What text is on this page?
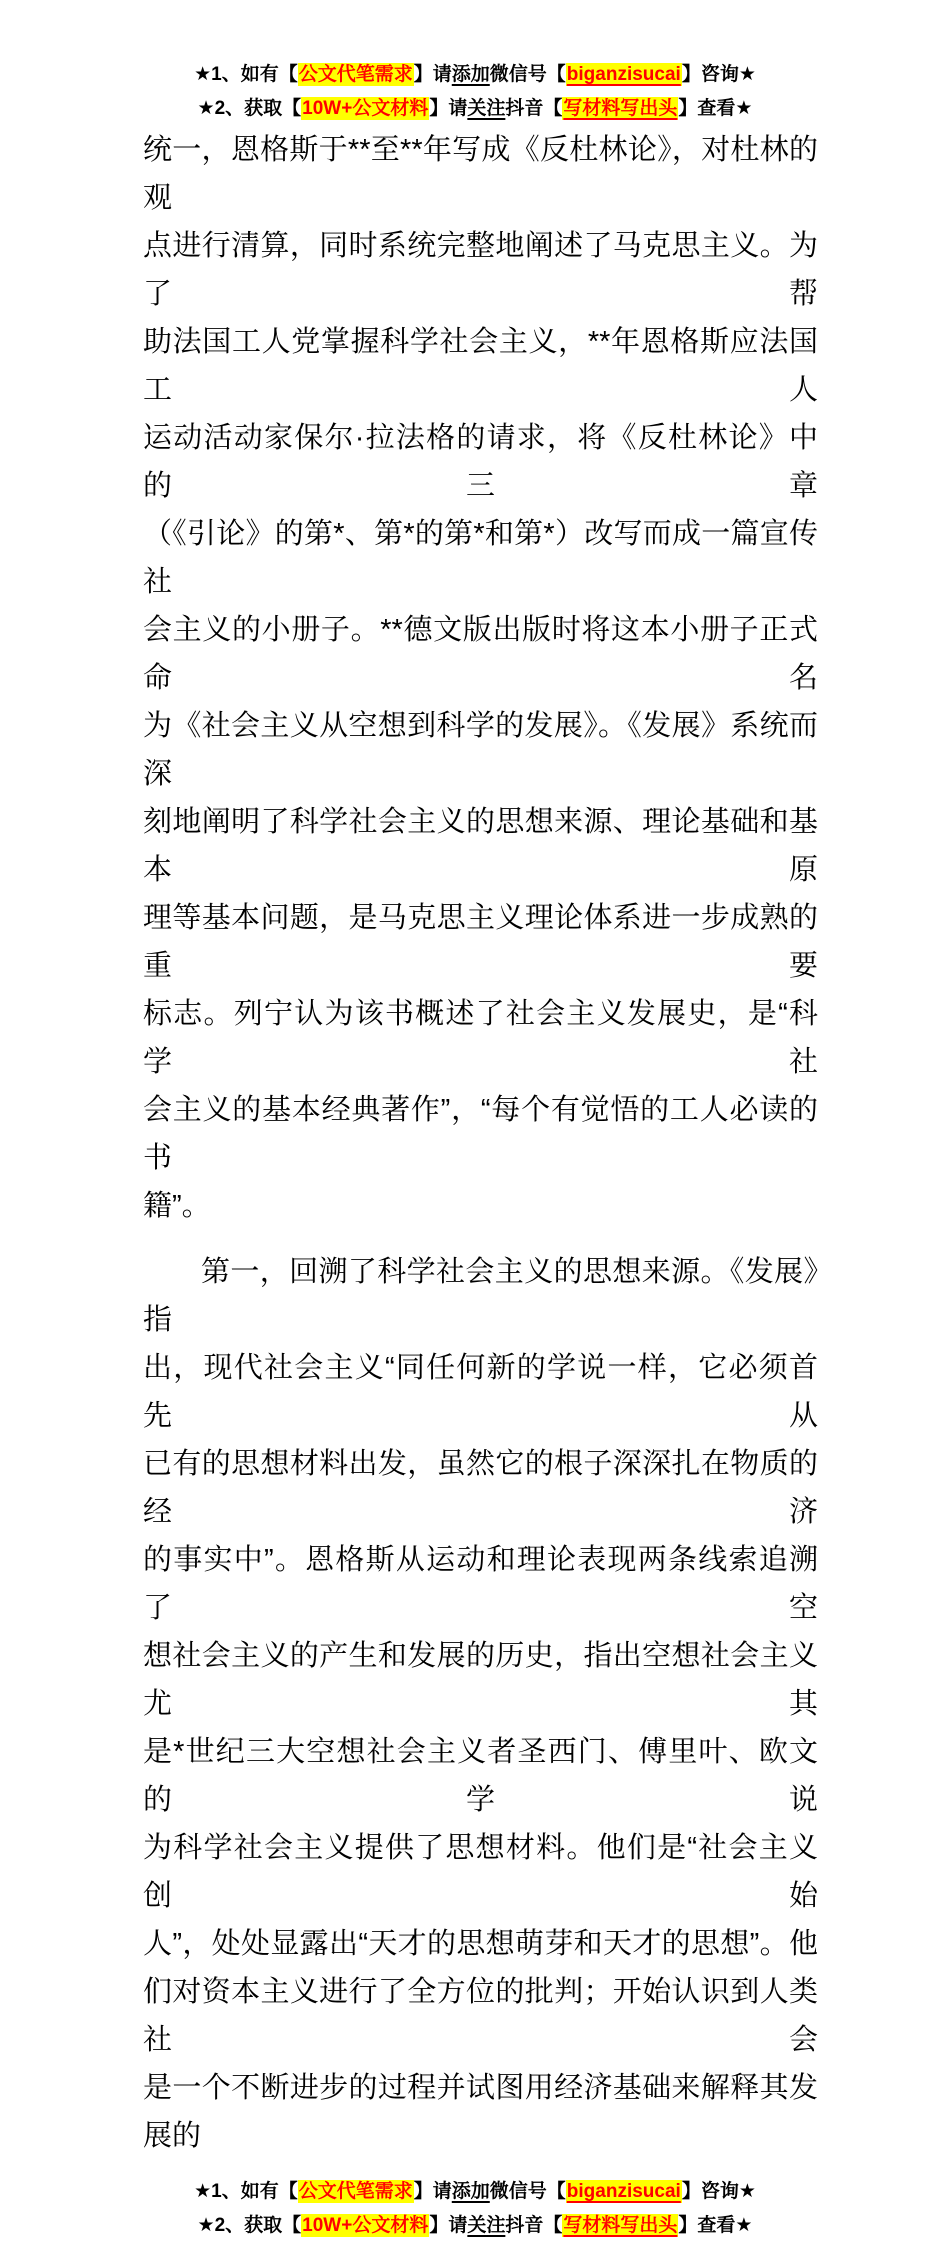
★1、如有【公文代笔需求】请添加微信号【biganzisucai】咨询★
★2、获取【10W+公文材料】请关注抖音【写材料写出头】查看★
统一，恩格斯于**至**年写成《反杜林论》，对杜林的观
点进行清算，同时系统完整地阐述了马克思主义。为了帮
助法国工人党掌握科学社会主义，**年恩格斯应法国工人
运动活动家保尔·拉法格的请求，将《反杜林论》中的三章
（《引论》的第*、第*的第*和第*）改写而成一篇宣传社
会主义的小册子。**德文版出版时将这本小册子正式命名
为《社会主义从空想到科学的发展》。《发展》系统而深
刻地阐明了科学社会主义的思想来源、理论基础和基本原
理等基本问题，是马克思主义理论体系进一步成熟的重要
标志。列宁认为该书概述了社会主义发展史，是“科学社
会主义的基本经典著作”，“每个有觉悟的工人必读的书
籍”。
第一，回溯了科学社会主义的思想来源。《发展》指
出，现代社会主义“同任何新的学说一样，它必须首先从
已有的思想材料出发，虽然它的根子深深扎在物质的经济
的事实中”。恩格斯从运动和理论表现两条线索追溯了空
想社会主义的产生和发展的历史，指出空想社会主义尤其
是*世纪三大空想社会主义者圣西门、傅里叶、欧文的学说
为科学社会主义提供了思想材料。他们是“社会主义创始
人”，处处显露出“天才的思想萌芽和天才的思想”。他
们对资本主义进行了全方位的批判；开始认识到人类社会
是一个不断进步的过程并试图用经济基础来解释其发展的
★1、如有【公文代笔需求】请添加微信号【biganzisucai】咨询★
★2、获取【10W+公文材料】请关注抖音【写材料写出头】查看★
